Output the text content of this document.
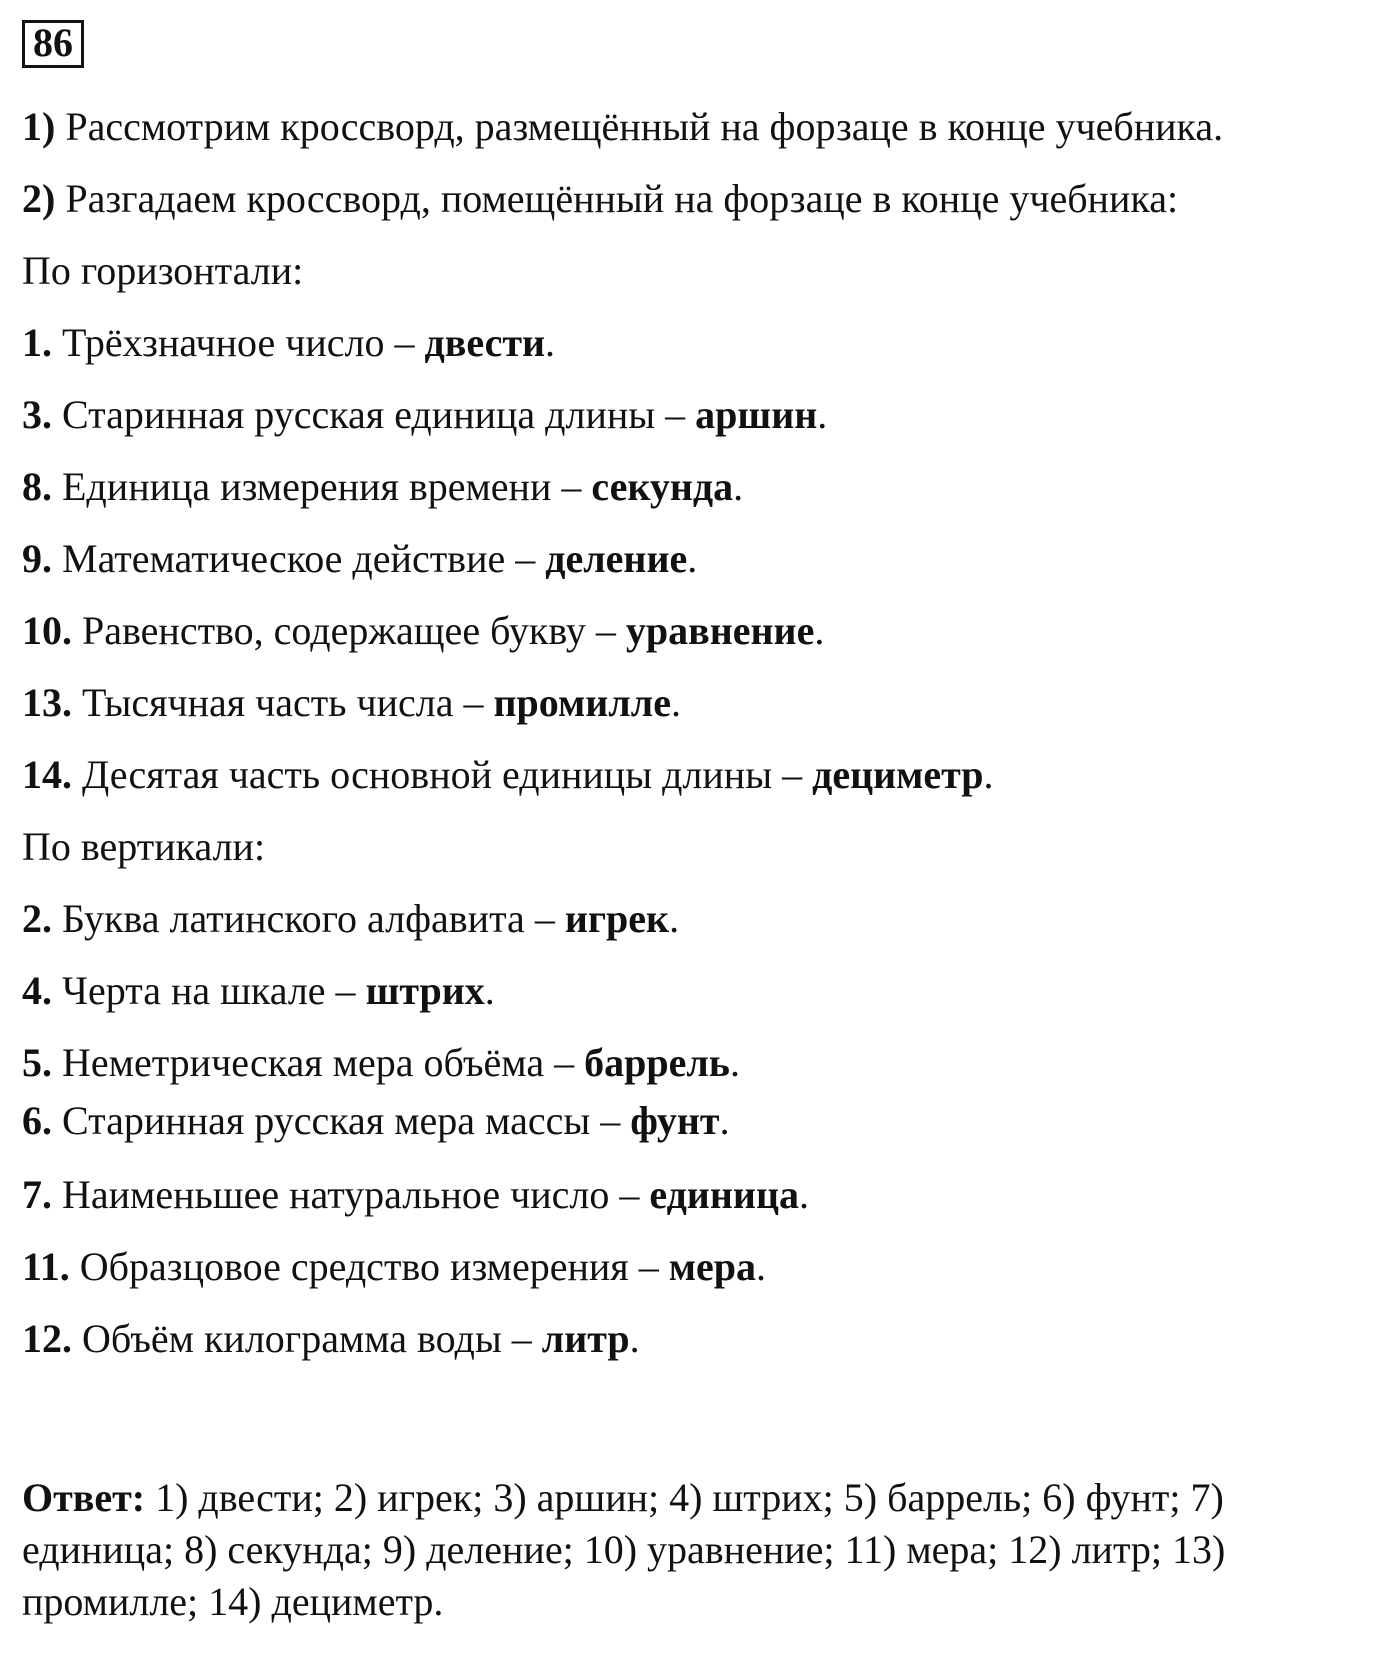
86
1) Рассмотрим кроссворд, размещённый на форзаце в конце учебника.
2) Разгадаем кроссворд, помещённый на форзаце в конце учебника:
По горизонтали:
1. Трёхзначное число – двести.
3. Старинная русская единица длины – аршин.
8. Единица измерения времени – секунда.
9. Математическое действие – деление.
10. Равенство, содержащее букву – уравнение.
13. Тысячная часть числа – промилле.
14. Десятая часть основной единицы длины – дециметр.
По вертикали:
2. Буква латинского алфавита – игрек.
4. Черта на шкале – штрих.
5. Неметрическая мера объёма – баррель.
6. Старинная русская мера массы – фунт.
7. Наименьшее натуральное число – единица.
11. Образцовое средство измерения – мера.
12. Объём килограмма воды – литр.
Ответ: 1) двести; 2) игрек; 3) аршин; 4) штрих; 5) баррель; 6) фунт; 7) единица; 8) секунда; 9) деление; 10) уравнение; 11) мера; 12) литр; 13) промилле; 14) дециметр.
